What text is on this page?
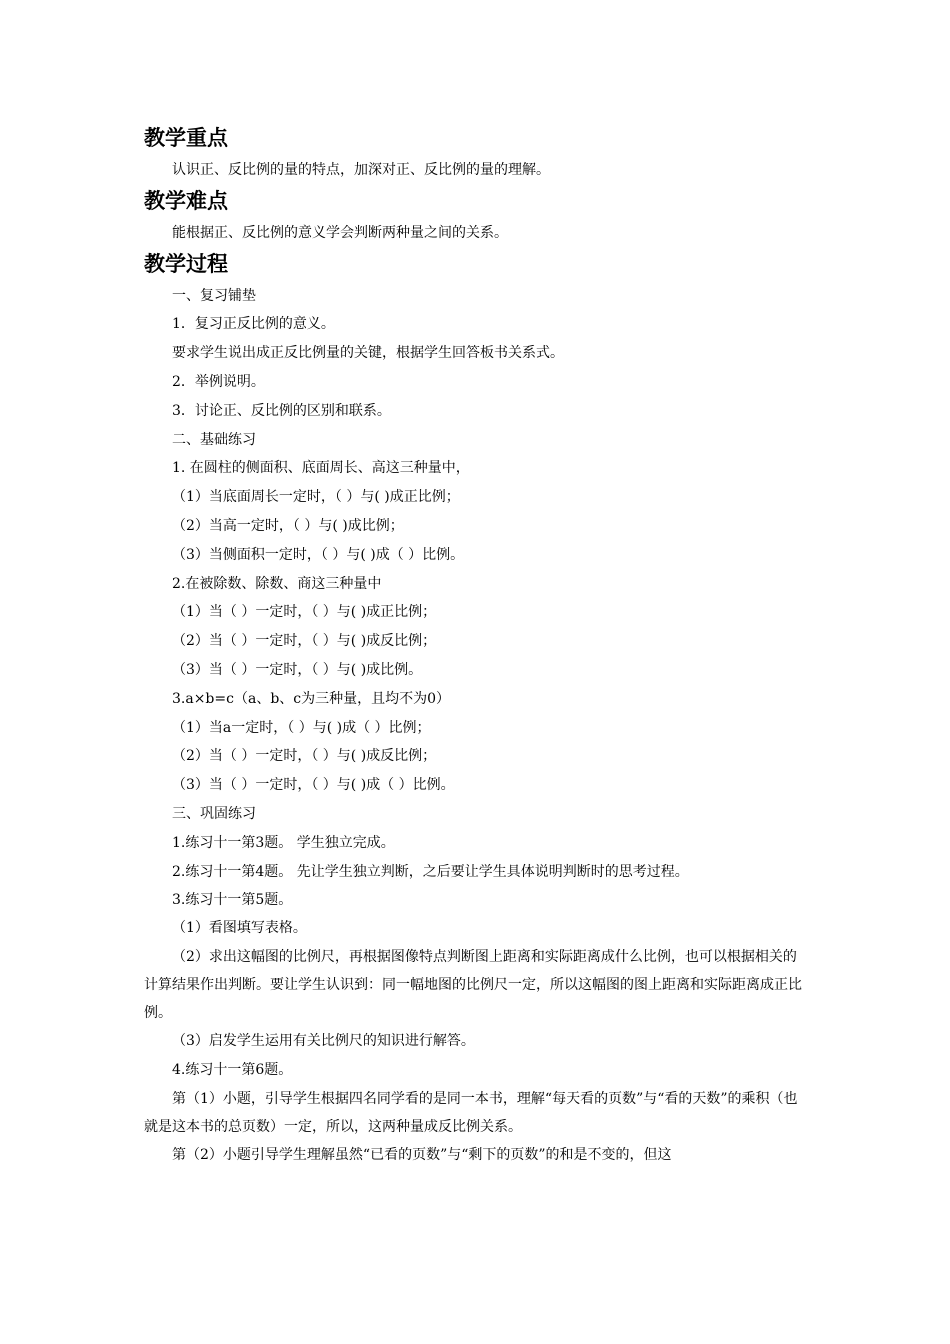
教学重点

认识正、反比例的量的特点，加深对正、反比例的量的理解。

教学难点

能根据正、反比例的意义学会判断两种量之间的关系。

教学过程

一、复习铺垫

1．复习正反比例的意义。

要求学生说出成正反比例量的关键，根据学生回答板书关系式。

2．举例说明。

3．讨论正、反比例的区别和联系。

二、基础练习

1. 在圆柱的侧面积、底面周长、高这三种量中，

（1）当底面周长一定时，（ ）与( )成正比例；

（2）当高一定时，（ ）与( )成比例；

（3）当侧面积一定时，（ ）与( )成（ ）比例。

2.在被除数、除数、商这三种量中

（1）当（ ）一定时，（ ）与( )成正比例；

（2）当（ ）一定时，（ ）与( )成反比例；

（3）当（ ）一定时，（ ）与( )成比例。

3.a×b=c（a、b、c为三种量，且均不为0）

（1）当a一定时，（ ）与( )成（ ）比例；

（2）当（ ）一定时，（ ）与( )成反比例；

（3）当（ ）一定时，（ ）与( )成（ ）比例。

三、巩固练习

1.练习十一第3题。 学生独立完成。

2.练习十一第4题。 先让学生独立判断，之后要让学生具体说明判断时的思考过程。

3.练习十一第5题。

（1）看图填写表格。

（2）求出这幅图的比例尺，再根据图像特点判断图上距离和实际距离成什么比例，也可以根据相关的计算结果作出判断。要让学生认识到：同一幅地图的比例尺一定，所以这幅图的图上距离和实际距离成正比例。

（3）启发学生运用有关比例尺的知识进行解答。

4.练习十一第6题。

第（1）小题，引导学生根据四名同学看的是同一本书，理解“每天看的页数”与“看的天数”的乘积（也就是这本书的总页数）一定，所以，这两种量成反比例关系。

第（2）小题引导学生理解虽然“已看的页数”与“剩下的页数”的和是不变的，但这
